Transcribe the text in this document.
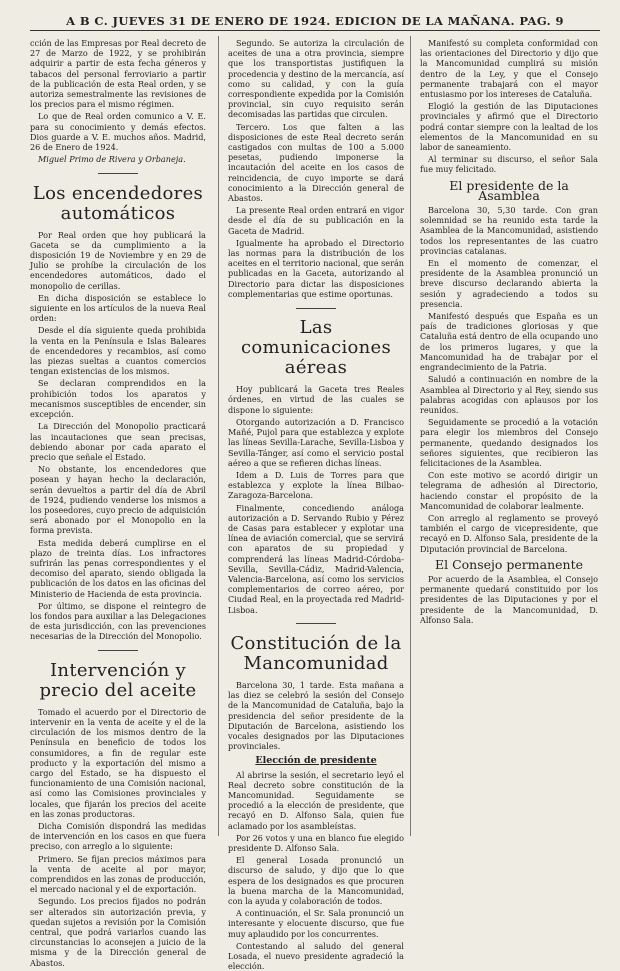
A B C. JUEVES 31 DE ENERO DE 1924. EDICION DE LA MAÑANA. PAG. 9

cción de las Empresas por Real decreto de 27 de Marzo de 1922, y se prohibirán adquirir a partir de esta fecha géneros y tabacos del personal ferroviario a partir de la publicación de esta Real orden, y se autoriza semestralmente las revisiones de los precios para el mismo régimen.

Lo que de Real orden comunico a V. E. para su conocimiento y demás efectos. Dios guarde a V. E. muchos años. Madrid, 26 de Enero de 1924.

Miguel Primo de Rivera y Orbaneja.

Los encendedores automáticos

Por Real orden que hoy publicará la Gaceta se da cumplimiento a la disposición 19 de Noviembre y en 29 de Julio se prohíbe la circulación de los encendedores automáticos, dado el monopolio de cerillas.

En dicha disposición se establece lo siguiente en los artículos de la nueva Real orden:

Desde el día siguiente queda prohibida la venta en la Península e Islas Baleares de encendedores y recambios, así como las piezas sueltas a cuantos comercios tengan existencias de los mismos.

Se declaran comprendidos en la prohibición todos los aparatos y mecanismos susceptibles de encender, sin excepción.

La Dirección del Monopolio practicará las incautaciones que sean precisas, debiendo abonar por cada aparato el precio que señale el Estado.

No obstante, los encendedores que posean y hayan hecho la declaración, serán devueltos a partir del día de Abril de 1924, pudiendo venderse los mismos a los poseedores, cuyo precio de adquisición será abonado por el Monopolio en la forma prevista.

Esta medida deberá cumplirse en el plazo de treinta días. Los infractores sufrirán las penas correspondientes y el decomiso del aparato, siendo obligada la publicación de los datos en las oficinas del Ministerio de Hacienda de esta provincia.

Por último, se dispone el reintegro de los fondos para auxiliar a las Delegaciones de esta jurisdicción, con las prevenciones necesarias de la Dirección del Monopolio.

Intervención y precio del aceite

Tomado el acuerdo por el Directorio de intervenir en la venta de aceite y el de la circulación de los mismos dentro de la Península en beneficio de todos los consumidores, a fin de regular este producto y la exportación del mismo a cargo del Estado, se ha dispuesto el funcionamiento de una Comisión nacional, así como las Comisiones provinciales y locales, que fijarán los precios del aceite en las zonas productoras.

Dicha Comisión dispondrá las medidas de intervención en los casos en que fuera preciso, con arreglo a lo siguiente:

Primero. Se fijan precios máximos para la venta de aceite al por mayor, comprendidos en las zonas de producción, el mercado nacional y el de exportación.

Segundo. Los precios fijados no podrán ser alterados sin autorización previa, y quedan sujetos a revisión por la Comisión central, que podrá variarlos cuando las circunstancias lo aconsejen a juicio de la misma y de la Dirección general de Abastos.

Segundo. Se autoriza la circulación de aceites de una a otra provincia, siempre que los transportistas justifiquen la procedencia y destino de la mercancía, así como su calidad, y con la guía correspondiente expedida por la Comisión provincial, sin cuyo requisito serán decomisadas las partidas que circulen.

Tercero. Los que falten a las disposiciones de este Real decreto serán castigados con multas de 100 a 5.000 pesetas, pudiendo imponerse la incautación del aceite en los casos de reincidencia, de cuyo importe se dará conocimiento a la Dirección general de Abastos.

La presente Real orden entrará en vigor desde el día de su publicación en la Gaceta de Madrid.

Igualmente ha aprobado el Directorio las normas para la distribución de los aceites en el territorio nacional, que serán publicadas en la Gaceta, autorizando al Directorio para dictar las disposiciones complementarias que estime oportunas.

Las comunicaciones aéreas

Hoy publicará la Gaceta tres Reales órdenes, en virtud de las cuales se dispone lo siguiente:

Otorgando autorización a D. Francisco Mañé, Pujol para que establezca y explote las líneas Sevilla-Larache, Sevilla-Lisboa y Sevilla-Tánger, así como el servicio postal aéreo a que se refieren dichas líneas.

Idem a D. Luis de Torres para que establezca y explote la línea Bilbao-Zaragoza-Barcelona.

Finalmente, concediendo análoga autorización a D. Servando Rubio y Pérez de Casas para establecer y explotar una línea de aviación comercial, que se servirá con aparatos de su propiedad y comprenderá las líneas Madrid-Córdoba-Sevilla, Sevilla-Cádiz, Madrid-Valencia, Valencia-Barcelona, así como los servicios complementarios de correo aéreo, por Ciudad Real, en la proyectada red Madrid-Lisboa.

Constitución de la Mancomunidad

Barcelona 30, 1 tarde. Esta mañana a las diez se celebró la sesión del Consejo de la Mancomunidad de Cataluña, bajo la presidencia del señor presidente de la Diputación de Barcelona, asistiendo los vocales designados por las Diputaciones provinciales.

Elección de presidente

Al abrirse la sesión, el secretario leyó el Real decreto sobre constitución de la Mancomunidad. Seguidamente se procedió a la elección de presidente, que recayó en D. Alfonso Sala, quien fue aclamado por los asambleístas.

Por 26 votos y una en blanco fue elegido presidente D. Alfonso Sala.

El general Losada pronunció un discurso de saludo, y dijo que lo que espera de los designados es que procuren la buena marcha de la Mancomunidad, con la ayuda y colaboración de todos.

A continuación, el Sr. Sala pronunció un interesante y elocuente discurso, que fue muy aplaudido por los concurrentes.

Contestando al saludo del general Losada, el nuevo presidente agradeció la elección.

Manifestó su completa conformidad con las orientaciones del Directorio y dijo que la Mancomunidad cumplirá su misión dentro de la Ley, y que el Consejo permanente trabajará con el mayor entusiasmo por los intereses de Cataluña.

Elogió la gestión de las Diputaciones provinciales y afirmó que el Directorio podrá contar siempre con la lealtad de los elementos de la Mancomunidad en su labor de saneamiento.

Al terminar su discurso, el señor Sala fue muy felicitado.

El presidente de la Asamblea

Barcelona 30, 5,30 tarde. Con gran solemnidad se ha reunido esta tarde la Asamblea de la Mancomunidad, asistiendo todos los representantes de las cuatro provincias catalanas.

En el momento de comenzar, el presidente de la Asamblea pronunció un breve discurso declarando abierta la sesión y agradeciendo a todos su presencia.

Manifestó después que España es un país de tradiciones gloriosas y que Cataluña está dentro de ella ocupando uno de los primeros lugares, y que la Mancomunidad ha de trabajar por el engrandecimiento de la Patria.

Saludó a continuación en nombre de la Asamblea al Directorio y al Rey, siendo sus palabras acogidas con aplausos por los reunidos.

Seguidamente se procedió a la votación para elegir los miembros del Consejo permanente, quedando designados los señores siguientes, que recibieron las felicitaciones de la Asamblea.

Con este motivo se acordó dirigir un telegrama de adhesión al Directorio, haciendo constar el propósito de la Mancomunidad de colaborar lealmente.

Con arreglo al reglamento se proveyó también el cargo de vicepresidente, que recayó en D. Alfonso Sala, presidente de la Diputación provincial de Barcelona.

El Consejo permanente

Por acuerdo de la Asamblea, el Consejo permanente quedará constituido por los presidentes de las Diputaciones y por el presidente de la Mancomunidad, D. Alfonso Sala.
